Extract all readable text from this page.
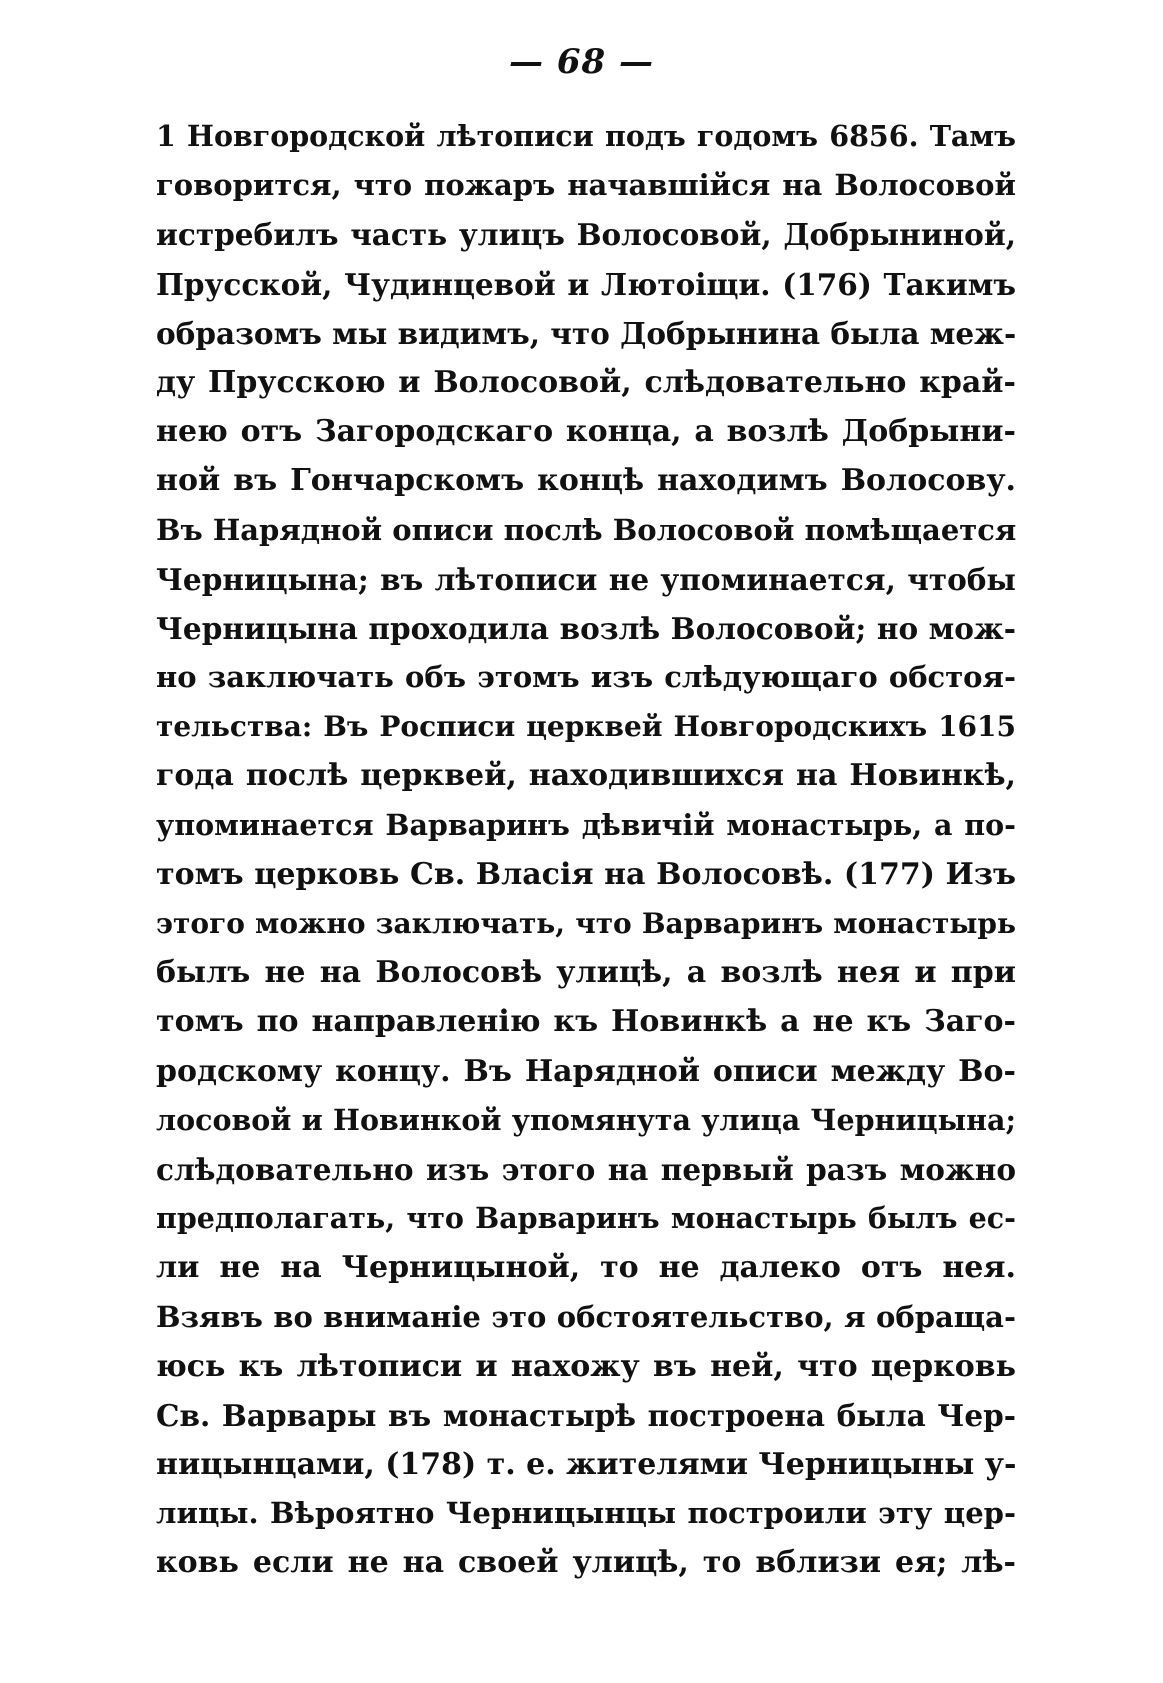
— 68 —
1 Новгородской лѣтописи подъ годомъ 6856. Тамъ
говорится, что пожаръ начавшійся на Волосовой
истребилъ часть улицъ Волосовой, Добрыниной,
Прусской, Чудинцевой и Лютоіщи. (176) Такимъ
образомъ мы видимъ, что Добрынина была меж-
ду Прусскою и Волосовой, слѣдовательно край-
нею отъ Загородскаго конца, а возлѣ Добрыни-
ной въ Гончарскомъ концѣ находимъ Волосову.
Въ Нарядной описи послѣ Волосовой помѣщается
Черницына; въ лѣтописи не упоминается, чтобы
Черницына проходила возлѣ Волосовой; но мож-
но заключать объ этомъ изъ слѣдующаго обстоя-
тельства: Въ Росписи церквей Новгородскихъ 1615
года послѣ церквей, находившихся на Новинкѣ,
упоминается Варваринъ дѣвичій монастырь, а по-
томъ церковь Св. Власія на Волосовѣ. (177) Изъ
этого можно заключать, что Варваринъ монастырь
былъ не на Волосовѣ улицѣ, а возлѣ нея и при
томъ по направленію къ Новинкѣ а не къ Заго-
родскому концу. Въ Нарядной описи между Во-
лосовой и Новинкой упомянута улица Черницына;
слѣдовательно изъ этого на первый разъ можно
предполагать, что Варваринъ монастырь былъ ес-
ли не на Черницыной, то не далеко отъ нея.
Взявъ во вниманіе это обстоятельство, я обраща-
юсь къ лѣтописи и нахожу въ ней, что церковь
Св. Варвары въ монастырѣ построена была Чер-
ницынцами, (178) т. е. жителями Черницыны у-
лицы. Вѣроятно Черницынцы построили эту цер-
ковь если не на своей улицѣ, то вблизи ея; лѣ-
